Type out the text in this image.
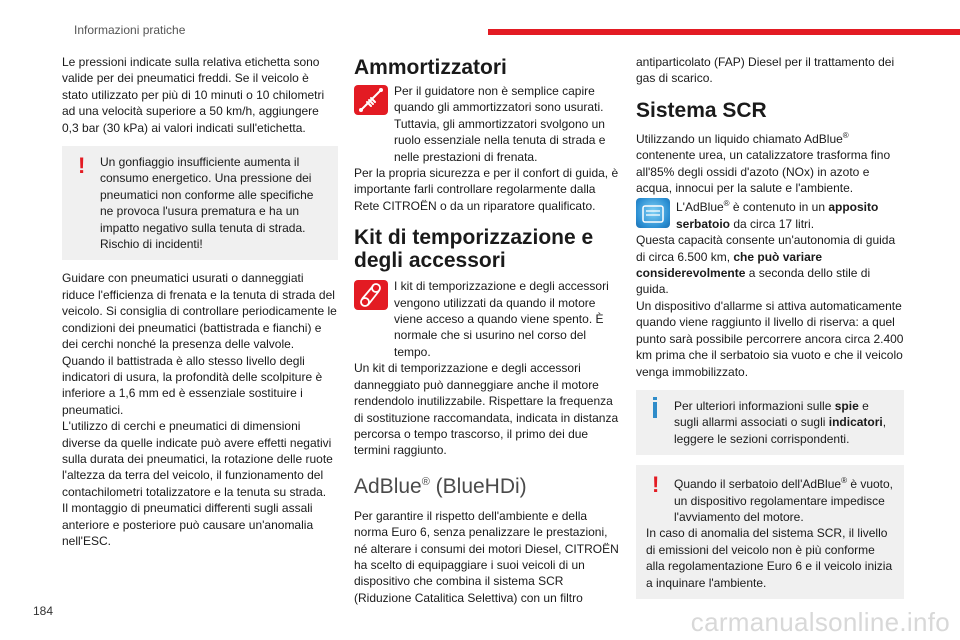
Informazioni pratiche

Le pressioni indicate sulla relativa etichetta sono valide per dei pneumatici freddi. Se il veicolo è stato utilizzato per più di 10 minuti o 10 chilometri ad una velocità superiore a 50 km/h, aggiungere 0,3 bar (30 kPa) ai valori indicati sull'etichetta.

!	Un gonfiaggio insufficiente aumenta il consumo energetico. Una pressione dei pneumatici non conforme alle specifiche ne provoca l'usura prematura e ha un impatto negativo sulla tenuta di strada. Rischio di incidenti!

Guidare con pneumatici usurati o danneggiati riduce l'efficienza di frenata e la tenuta di strada del veicolo. Si consiglia di controllare periodicamente le condizioni dei pneumatici (battistrada e fianchi) e dei cerchi nonché la presenza delle valvole.

Quando il battistrada è allo stesso livello degli indicatori di usura, la profondità delle scolpiture è inferiore a 1,6 mm ed è essenziale sostituire i pneumatici.

L'utilizzo di cerchi e pneumatici di dimensioni diverse da quelle indicate può avere effetti negativi sulla durata dei pneumatici, la rotazione delle ruote l'altezza da terra del veicolo, il funzionamento del contachilometri totalizzatore e la tenuta su strada.

Il montaggio di pneumatici differenti sugli assali anteriore e posteriore può causare un'anomalia nell'ESC.

Ammortizzatori

Per il guidatore non è semplice capire quando gli ammortizzatori sono usurati. Tuttavia, gli ammortizzatori svolgono un ruolo essenziale nella tenuta di strada e nelle prestazioni di frenata.

Per la propria sicurezza e per il confort di guida, è importante farli controllare regolarmente dalla Rete CITROËN o da un riparatore qualificato.

Kit di temporizzazione e degli accessori

I kit di temporizzazione e degli accessori vengono utilizzati da quando il motore viene acceso a quando viene spento. È normale che si usurino nel corso del tempo.

Un kit di temporizzazione e degli accessori danneggiato può danneggiare anche il motore rendendolo inutilizzabile. Rispettare la frequenza di sostituzione raccomandata, indicata in distanza percorsa o tempo trascorso, il primo dei due termini raggiunto.

AdBlue® (BlueHDi)

Per garantire il rispetto dell'ambiente e della norma Euro 6, senza penalizzare le prestazioni, né alterare i consumi dei motori Diesel, CITROËN ha scelto di equipaggiare i suoi veicoli di un dispositivo che combina il sistema SCR (Riduzione Catalitica Selettiva) con un filtro

antiparticolato (FAP) Diesel per il trattamento dei gas di scarico.

Sistema SCR

Utilizzando un liquido chiamato AdBlue® contenente urea, un catalizzatore trasforma fino all'85% degli ossidi d'azoto (NOx) in azoto e acqua, innocui per la salute e l'ambiente.

L'AdBlue® è contenuto in un apposito serbatoio da circa 17 litri.

Questa capacità consente un'autonomia di guida di circa 6.500 km, che può variare considerevolmente a seconda dello stile di guida.

Un dispositivo d'allarme si attiva automaticamente quando viene raggiunto il livello di riserva: a quel punto sarà possibile percorrere ancora circa 2.400 km prima che il serbatoio sia vuoto e che il veicolo venga immobilizzato.

Per ulteriori informazioni sulle spie e sugli allarmi associati o sugli indicatori, leggere le sezioni corrispondenti.

!	Quando il serbatoio dell'AdBlue® è vuoto, un dispositivo regolamentare impedisce l'avviamento del motore.

In caso di anomalia del sistema SCR, il livello di emissioni del veicolo non è più conforme alla regolamentazione Euro 6 e il veicolo inizia a inquinare l'ambiente.

184	carmanualsonline.info
